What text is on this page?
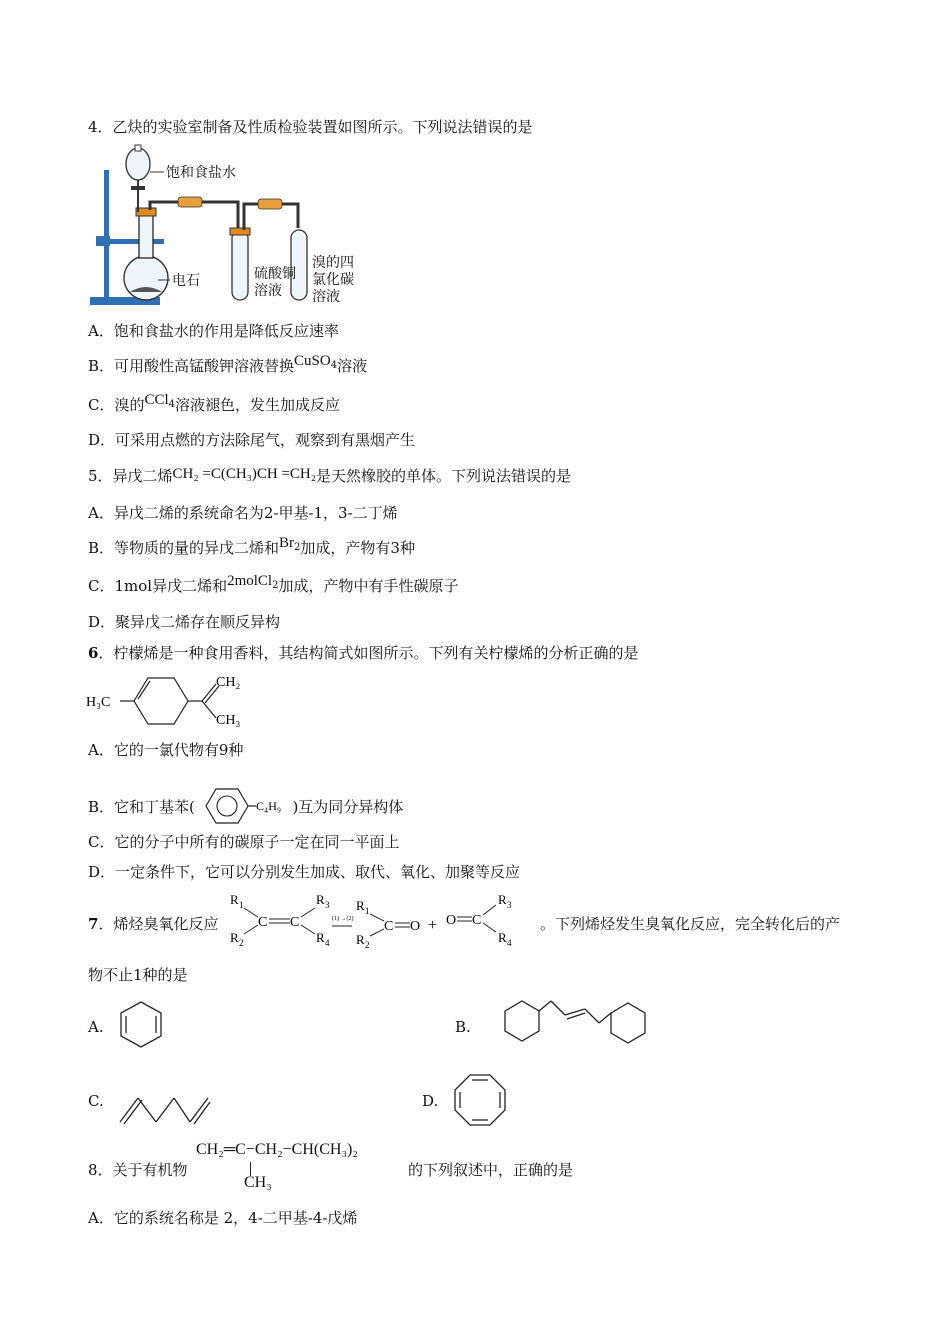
4．乙炔的实验室制备及性质检验装置如图所示。下列说法错误的是
饱和食盐水
电石	硫酸铜
溶液
溴的四
氯化碳
溶液
A．饱和食盐水的作用是降低反应速率
B．可用酸性高锰酸钾溶液替换CuSO$_4$溶液
C．溴的CCl$_4$溶液褪色，发生加成反应
D．可采用点燃的方法除尾气，观察到有黑烟产生
5．异戊二烯CH₂ =C(CH₃)CH =CH₂是天然橡胶的单体。下列说法错误的是
A．异戊二烯的系统命名为2-甲基-1，3-二丁烯
B．等物质的量的异戊二烯和$Br_2$加成，产物有3种
C．1mol异戊二烯和2molCl$_2$加成，产物中有手性碳原子
D．聚异戊二烯存在顺反异构
6．柠檬烯是一种食用香料，其结构简式如图所示。下列有关柠檬烯的分析正确的是
H₃C
CH₂
CH₃
A．它的一氯代物有9种
B．它和丁基苯(	C₄H₉ )互为同分异构体
C．它的分子中所有的碳原子一定在同一平面上
D．一定条件下，它可以分别发生加成、取代、氧化、加聚等反应
7．烯烃臭氧化反应
R 1
R 2
C C
R 3
R 4
(1) →(2)
R 1
R 2
C O + O C
R 3
R 4
。下列烯烃发生臭氧化反应，完全转化后的产
物不止1种的是
A.	B.
C.	D.
8．关于有机物
CH₂═C−CH₂−CH(CH₃)₂
CH₃
的下列叙述中，正确的是
A．它的系统名称是 2，4-二甲基-4-戊烯
